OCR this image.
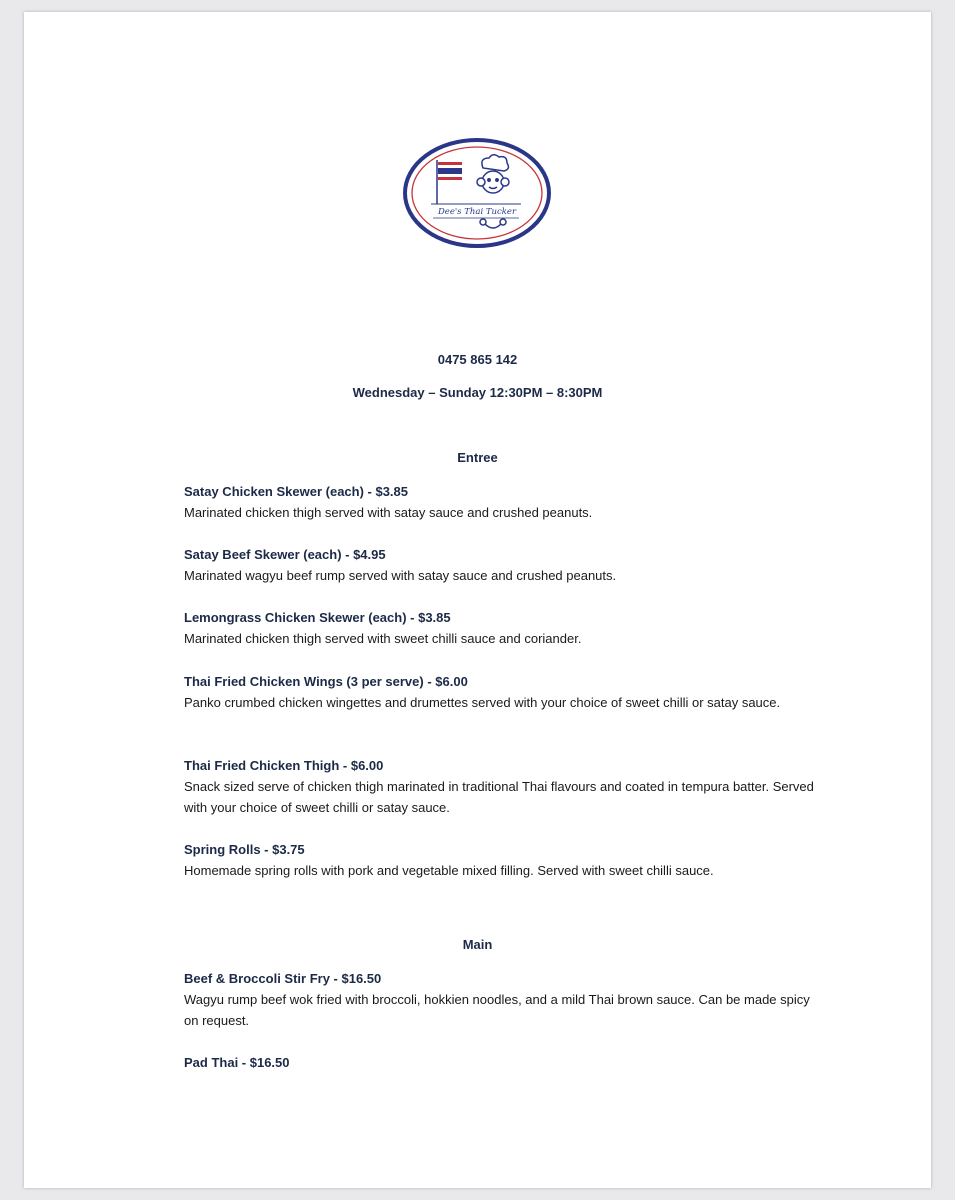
Dee's Thai Tucker

0475 865 142

Wednesday – Sunday 12:30PM – 8:30PM

Entree

Satay Chicken Skewer (each) - $3.85

Marinated chicken thigh served with satay sauce and crushed peanuts.

Satay Beef Skewer (each) - $4.95

Marinated wagyu beef rump served with satay sauce and crushed peanuts.

Lemongrass Chicken Skewer (each) - $3.85

Marinated chicken thigh served with sweet chilli sauce and coriander.

Thai Fried Chicken Wings (3 per serve) - $6.00

Panko crumbed chicken wingettes and drumettes served with your choice of sweet chilli or satay sauce.

Thai Fried Chicken Thigh - $6.00

Snack sized serve of chicken thigh marinated in traditional Thai flavours and coated in tempura batter. Served with your choice of sweet chilli or satay sauce.

Spring Rolls - $3.75

Homemade spring rolls with pork and vegetable mixed filling. Served with sweet chilli sauce.

Main

Beef & Broccoli Stir Fry - $16.50

Wagyu rump beef wok fried with broccoli, hokkien noodles, and a mild Thai brown sauce. Can be made spicy on request.

Pad Thai - $16.50
